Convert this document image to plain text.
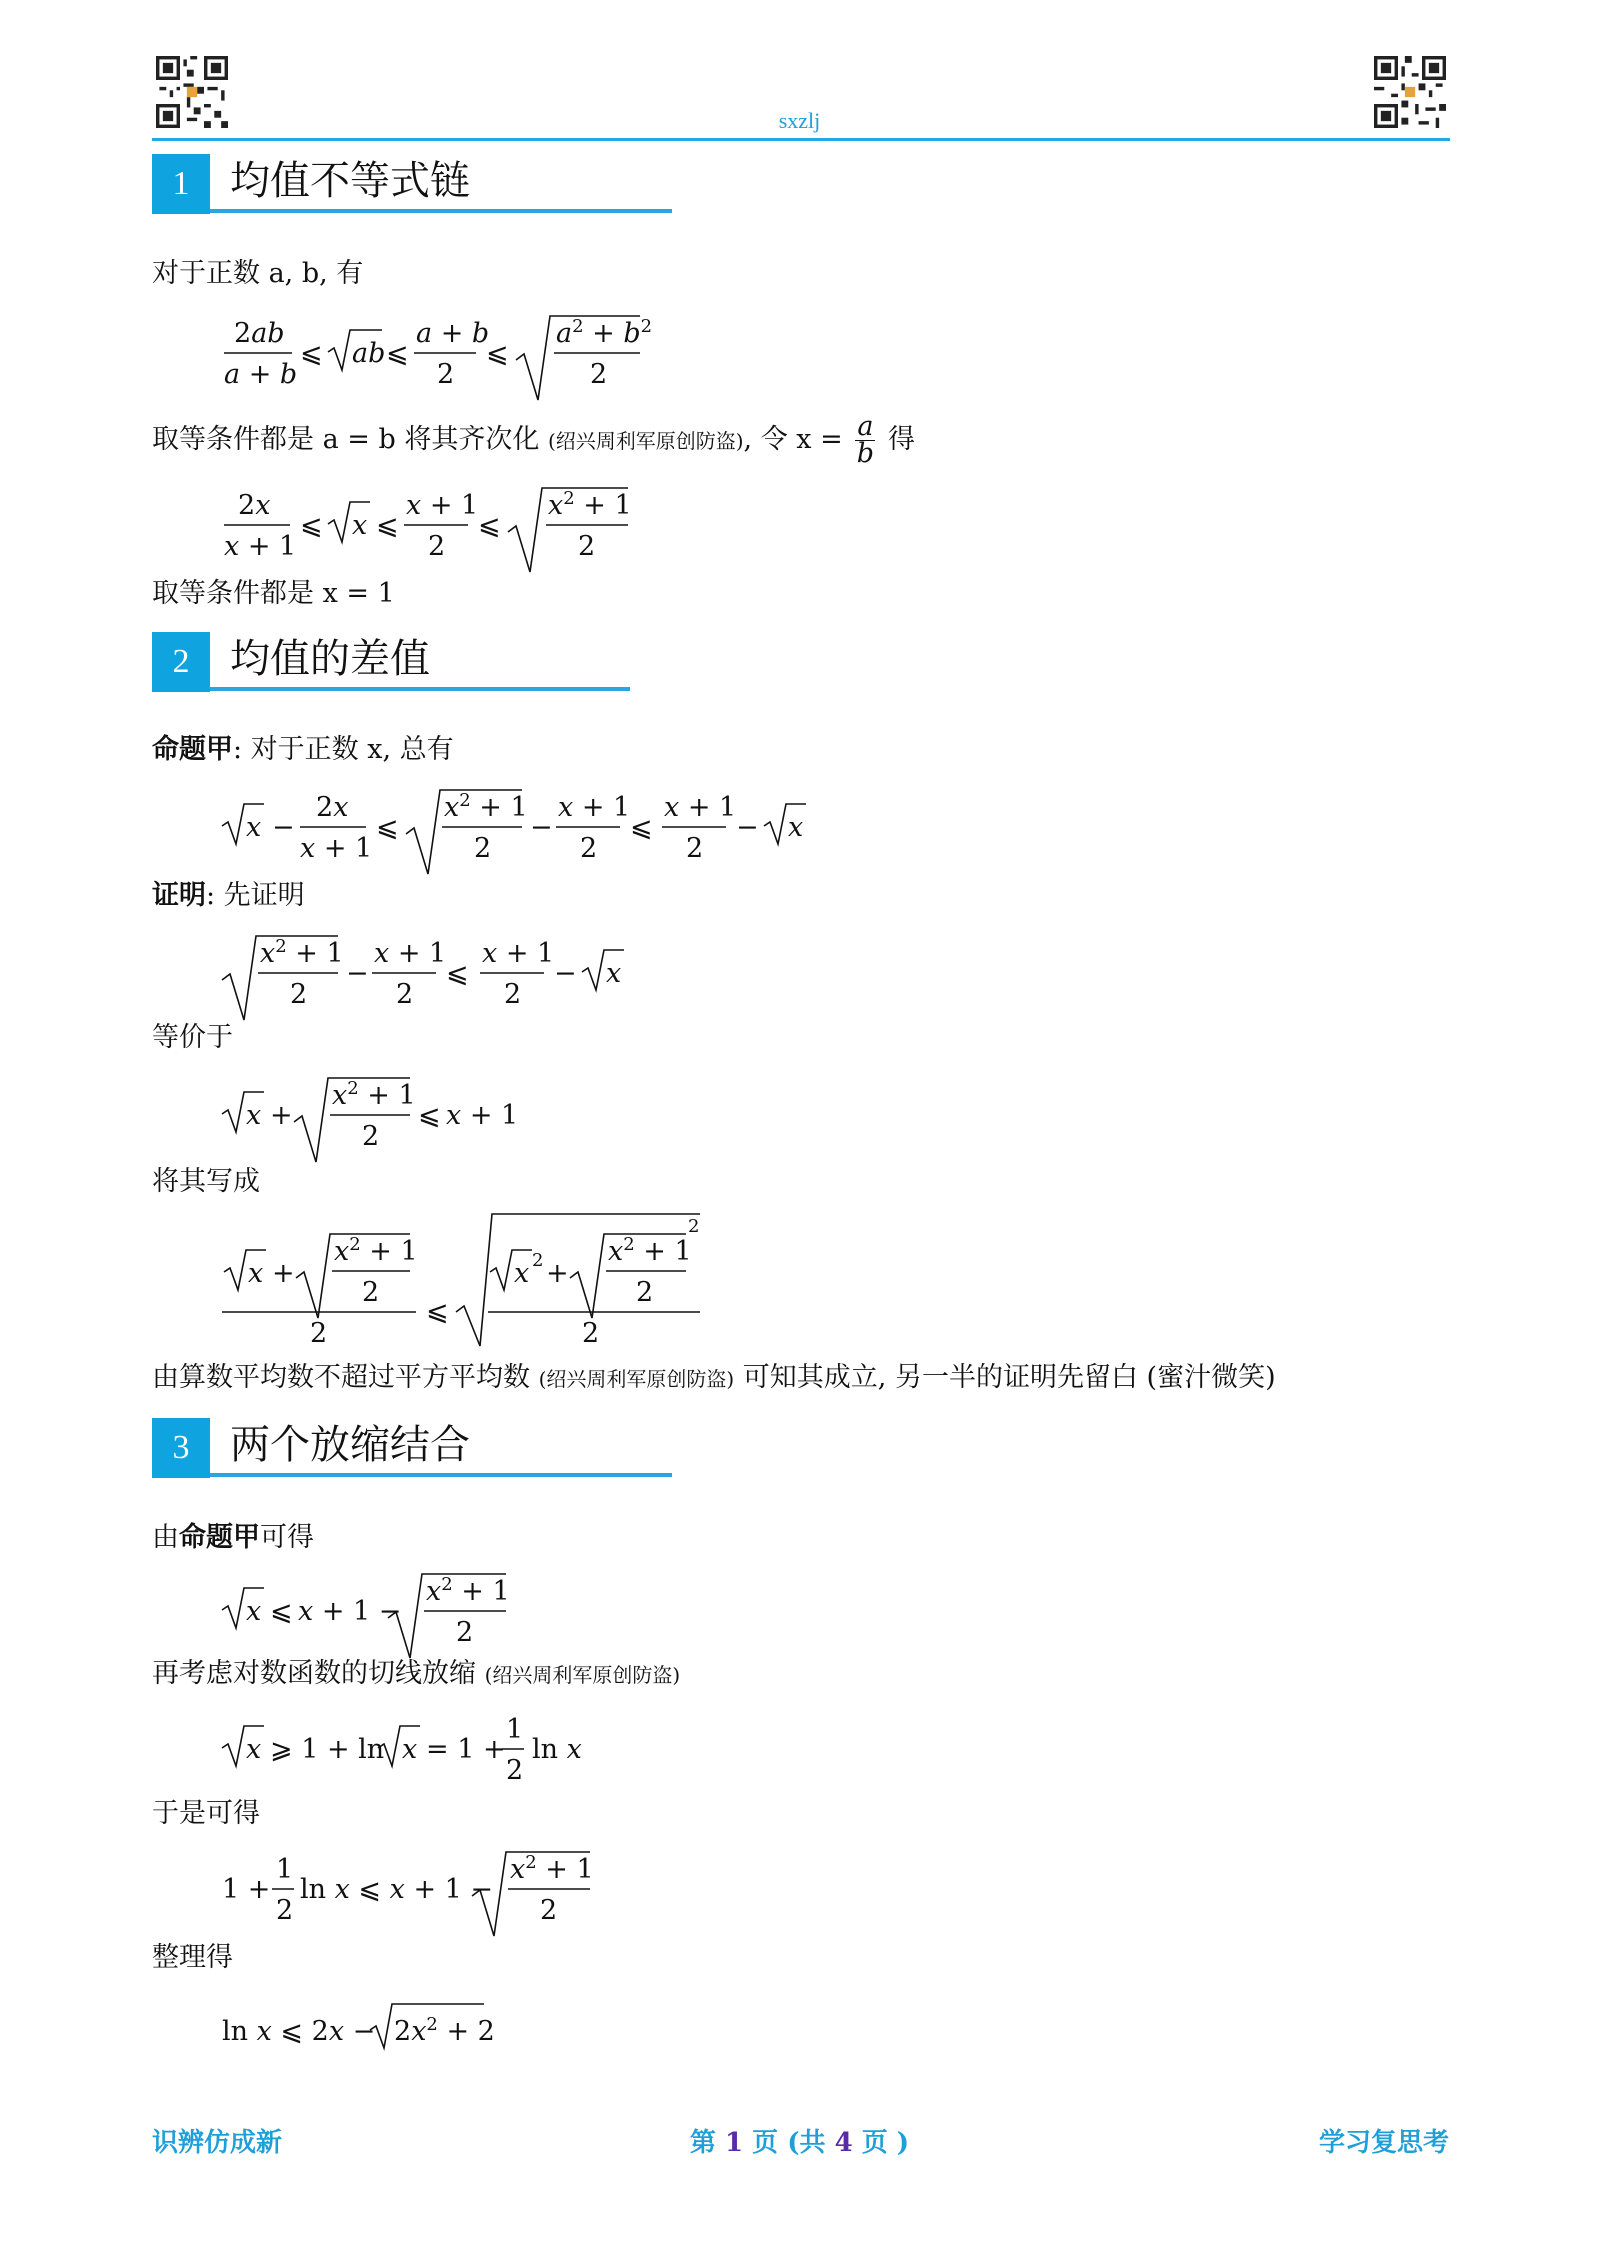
sxzlj
1	均值不等式链
对于正数 a, b, 有
2ab
a + b
⩽ ab ⩽
a + b
2
⩽
$a^2 + b^2$
2
取等条件都是 a = b 将其齐次化 (绍兴周利军原创防盗), 令 $x = \frac{a}{b}$ 得
2x
x + 1
⩽ x ⩽
x + 1
2
⩽
$x^2 + 1$
2
取等条件都是 x = 1
2	均值的差值
命题甲: 对于正数 x, 总有
x −
2x
x + 1
⩽
$x^2 + 1$
2
−
x + 1
2
⩽
x + 1
2
− x
证明: 先证明
$x^2 + 1$
2
−
x + 1
2
⩽
x + 1
2
− x
等价于
x +
$x^2 + 1$
2
⩽ x + 1
将其写成
x +
$x^2 + 1$
2
2
⩽
x 2 +
$x^2 + 1$
2
2
2
由算数平均数不超过平方平均数 (绍兴周利军原创防盗) 可知其成立, 另一半的证明先留白 (蜜汁微笑)
3	两个放缩结合
由命题甲可得
x ⩽ x + 1 −
$x^2 + 1$
2
再考虑对数函数的切线放缩 (绍兴周利军原创防盗)
x ⩾ 1 + ln x = 1 +
1
2
ln x
于是可得
1 +
1
2
ln x ⩽ x + 1 −
$x^2 + 1$
2
整理得
ln x ⩽ $2x - 2x^2 + 2$
识辨仿成新	第 1 页 (共 4 页 )	学习复思考
